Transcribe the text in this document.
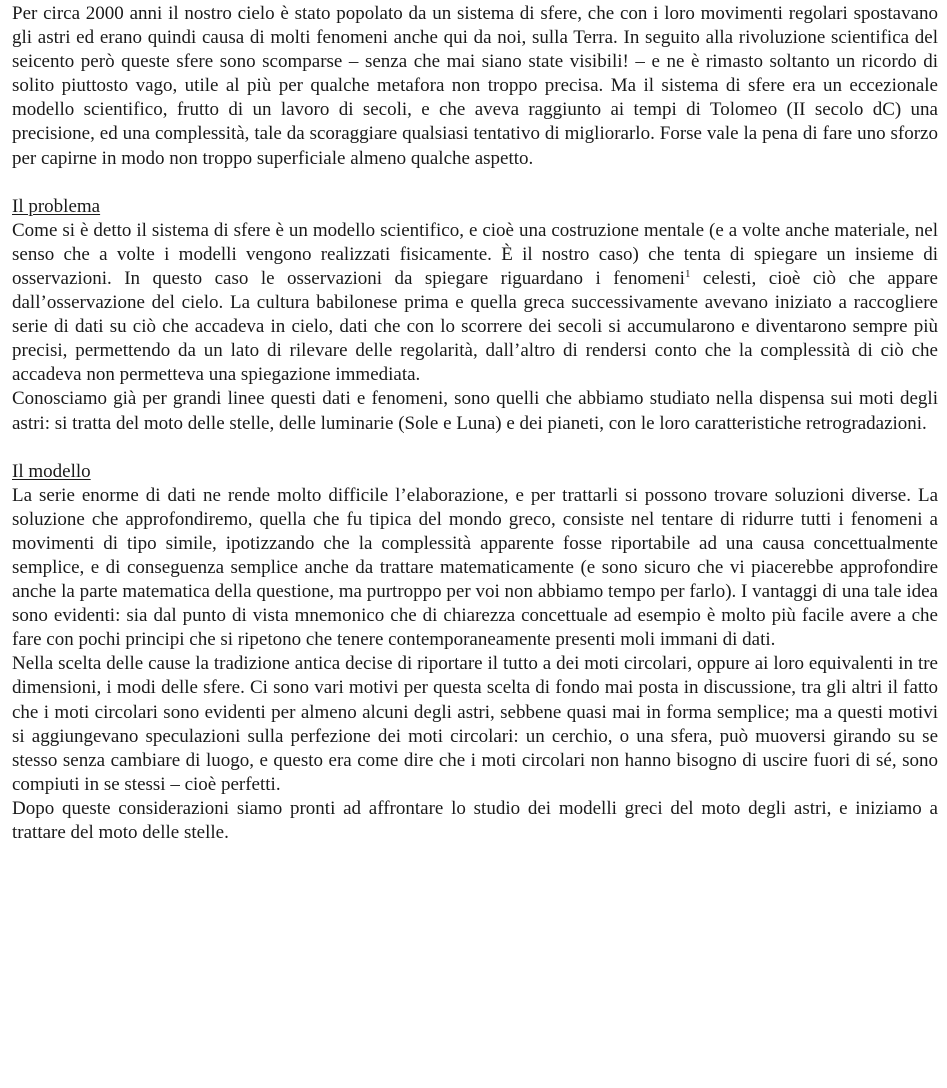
Per circa 2000 anni il nostro cielo è stato popolato da un sistema di sfere, che con i loro movimenti regolari spostavano gli astri ed erano quindi causa di molti fenomeni anche qui da noi, sulla Terra. In seguito alla rivoluzione scientifica del seicento però queste sfere sono scomparse – senza che mai siano state visibili! – e ne è rimasto soltanto un ricordo di solito piuttosto vago, utile al più per qualche metafora non troppo precisa. Ma il sistema di sfere era un eccezionale modello scientifico, frutto di un lavoro di secoli, e che aveva raggiunto ai tempi di Tolomeo (II secolo dC) una precisione, ed una complessità, tale da scoraggiare qualsiasi tentativo di migliorarlo. Forse vale la pena di fare uno sforzo per capirne in modo non troppo superficiale almeno qualche aspetto.

Il problema

Come si è detto il sistema di sfere è un modello scientifico, e cioè una costruzione mentale (e a volte anche materiale, nel senso che a volte i modelli vengono realizzati fisicamente. È il nostro caso) che tenta di spiegare un insieme di osservazioni. In questo caso le osservazioni da spiegare riguardano i fenomeni$^1$ celesti, cioè ciò che appare dall’osservazione del cielo. La cultura babilonese prima e quella greca successivamente avevano iniziato a raccogliere serie di dati su ciò che accadeva in cielo, dati che con lo scorrere dei secoli si accumularono e diventarono sempre più precisi, permettendo da un lato di rilevare delle regolarità, dall’altro di rendersi conto che la complessità di ciò che accadeva non permetteva una spiegazione immediata.

Conosciamo già per grandi linee questi dati e fenomeni, sono quelli che abbiamo studiato nella dispensa sui moti degli astri: si tratta del moto delle stelle, delle luminarie (Sole e Luna) e dei pianeti, con le loro caratteristiche retrogradazioni.

Il modello

La serie enorme di dati ne rende molto difficile l’elaborazione, e per trattarli si possono trovare soluzioni diverse. La soluzione che approfondiremo, quella che fu tipica del mondo greco, consiste nel tentare di ridurre tutti i fenomeni a movimenti di tipo simile, ipotizzando che la complessità apparente fosse riportabile ad una causa concettualmente semplice, e di conseguenza semplice anche da trattare matematicamente (e sono sicuro che vi piacerebbe approfondire anche la parte matematica della questione, ma purtroppo per voi non abbiamo tempo per farlo). I vantaggi di una tale idea sono evidenti: sia dal punto di vista mnemonico che di chiarezza concettuale ad esempio è molto più facile avere a che fare con pochi principi che si ripetono che tenere contemporaneamente presenti moli immani di dati.

Nella scelta delle cause la tradizione antica decise di riportare il tutto a dei moti circolari, oppure ai loro equivalenti in tre dimensioni, i modi delle sfere. Ci sono vari motivi per questa scelta di fondo mai posta in discussione, tra gli altri il fatto che i moti circolari sono evidenti per almeno alcuni degli astri, sebbene quasi mai in forma semplice; ma a questi motivi si aggiungevano speculazioni sulla perfezione dei moti circolari: un cerchio, o una sfera, può muoversi girando su se stesso senza cambiare di luogo, e questo era come dire che i moti circolari non hanno bisogno di uscire fuori di sé, sono compiuti in se stessi – cioè perfetti.

Dopo queste considerazioni siamo pronti ad affrontare lo studio dei modelli greci del moto degli astri, e iniziamo a trattare del moto delle stelle.
